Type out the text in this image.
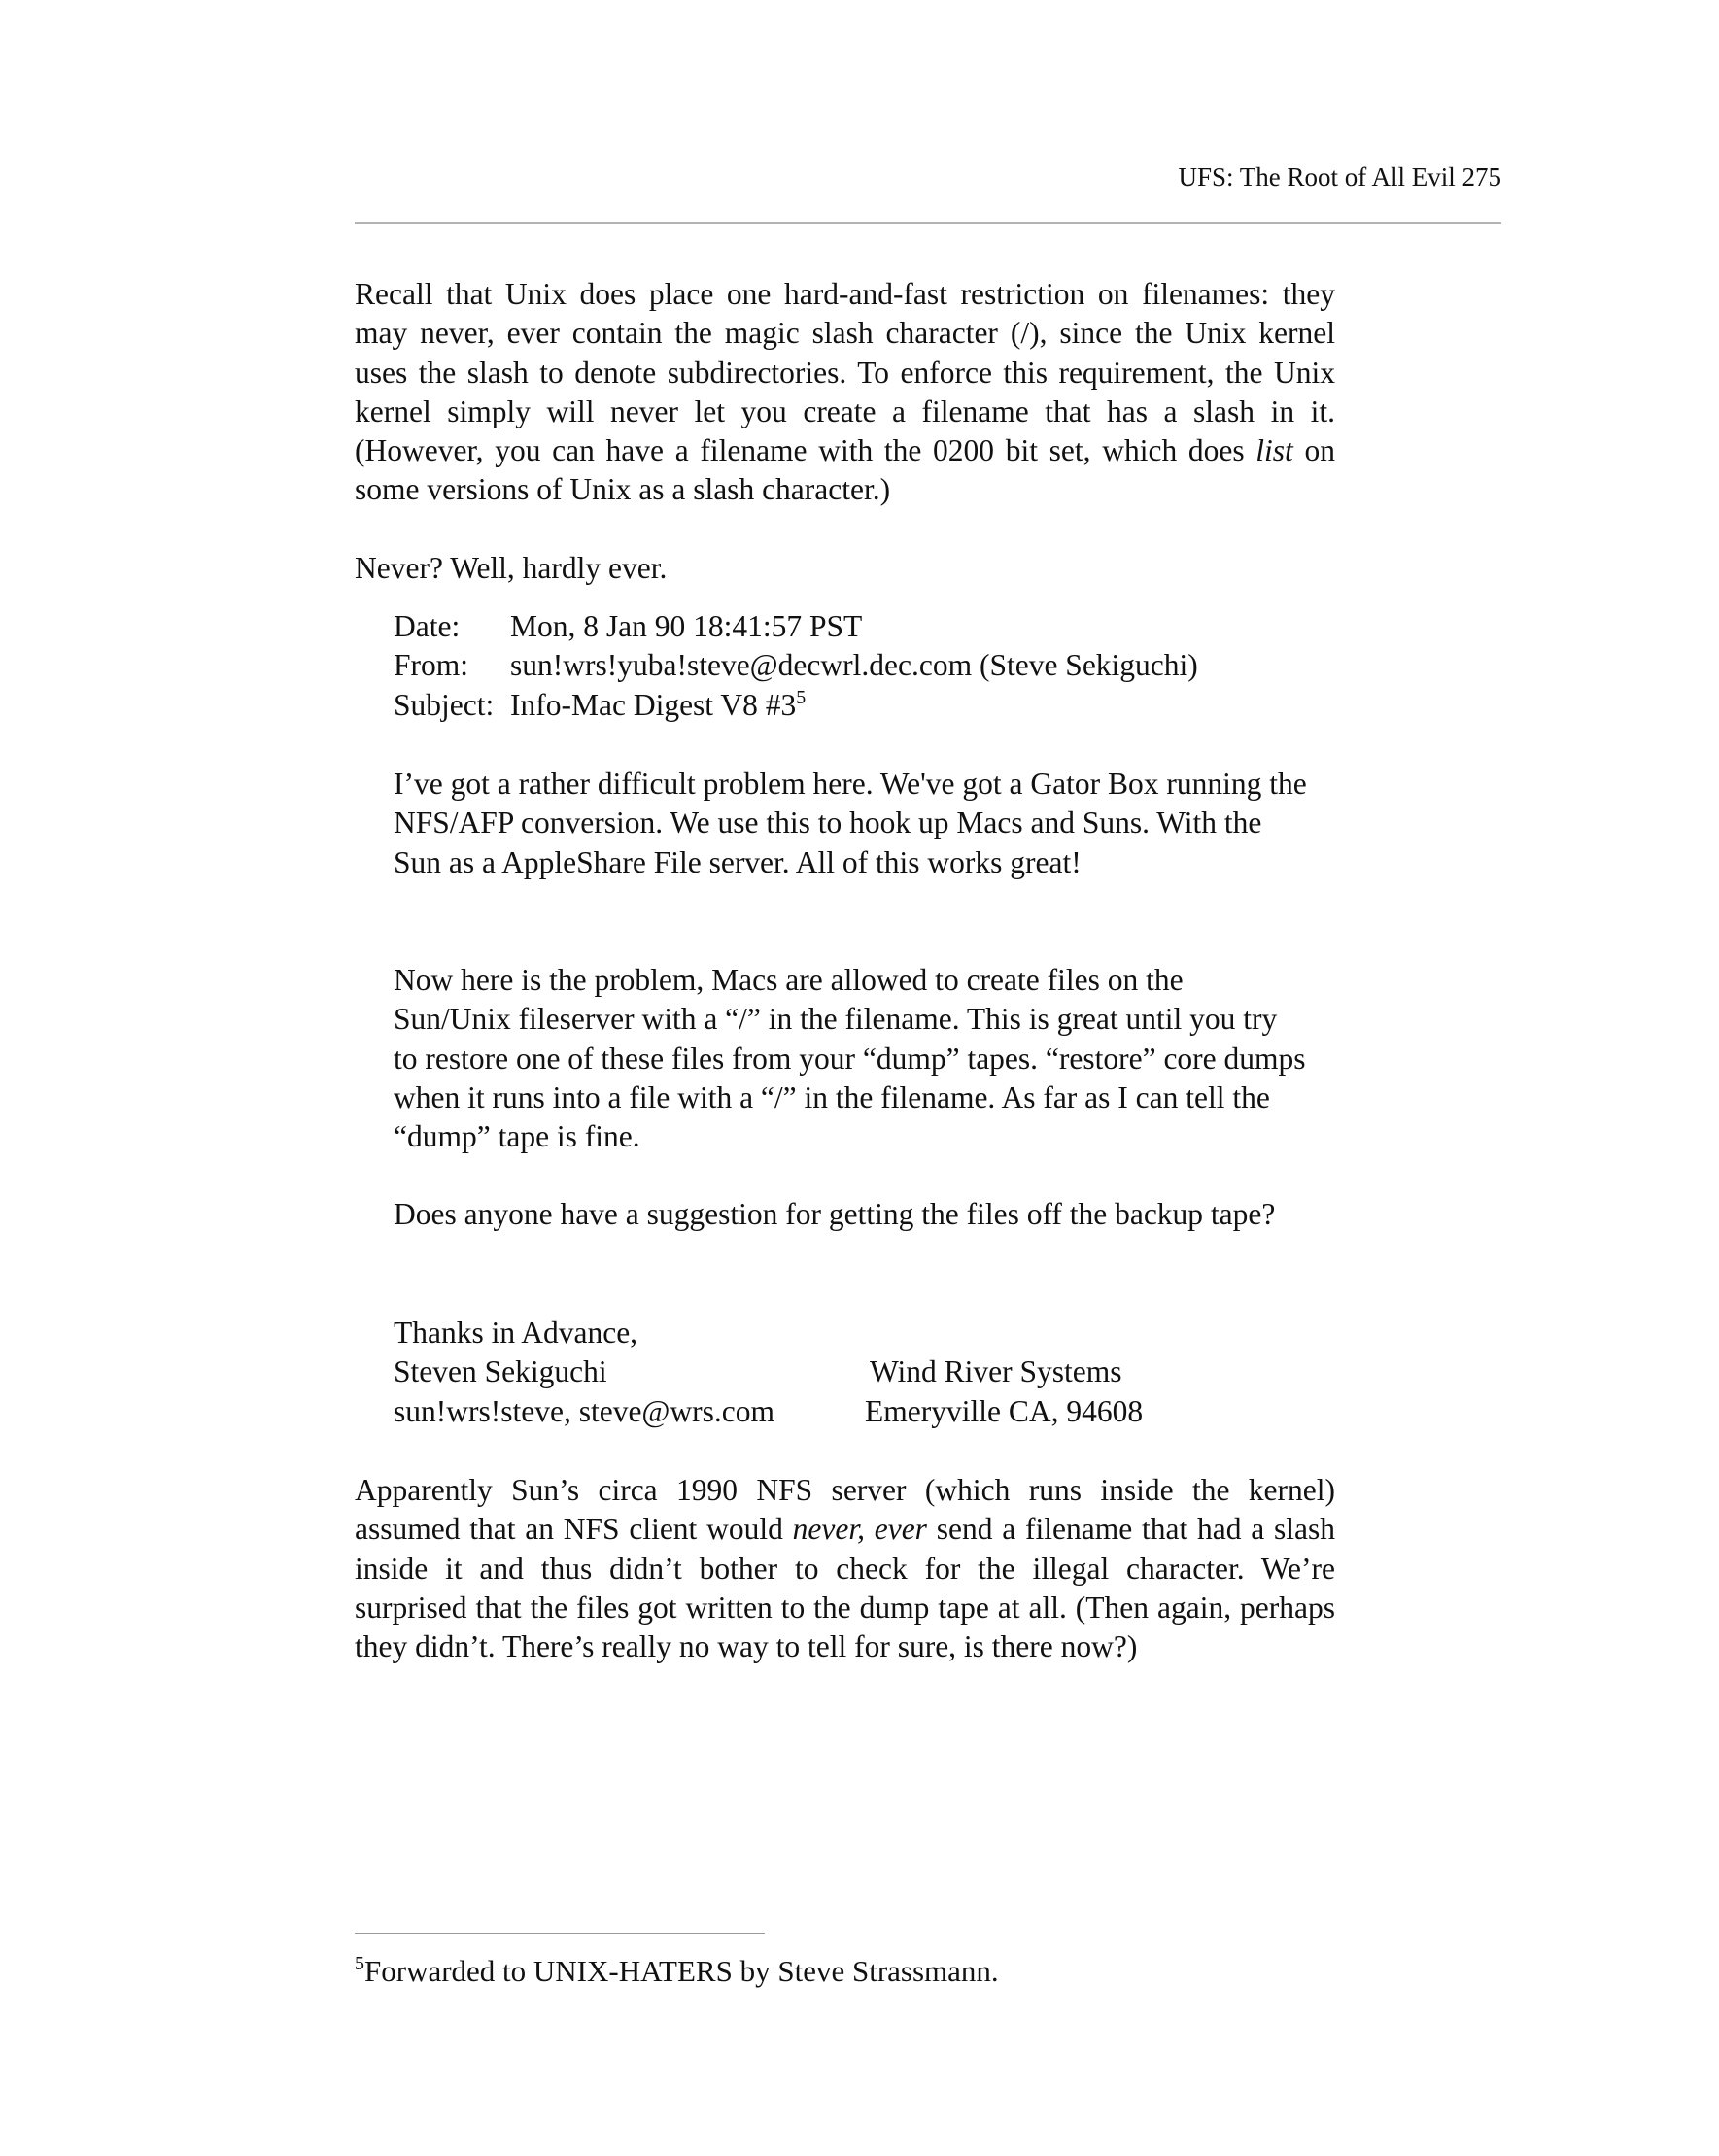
UFS: The Root of All Evil 275

Recall that Unix does place one hard-and-fast restriction on filenames: they may never, ever contain the magic slash character (/), since the Unix kernel uses the slash to denote subdirectories. To enforce this requirement, the Unix kernel simply will never let you create a filename that has a slash in it. (However, you can have a filename with the 0200 bit set, which does list on some versions of Unix as a slash character.)

Never? Well, hardly ever.

Date:	Mon, 8 Jan 90 18:41:57 PST
From:	sun!wrs!yuba!steve@decwrl.dec.com (Steve Sekiguchi)
Subject: Info-Mac Digest V8 #3$^5$

I’ve got a rather difficult problem here. We've got a Gator Box running the NFS/AFP conversion. We use this to hook up Macs and Suns. With the Sun as a AppleShare File server. All of this works great!

Now here is the problem, Macs are allowed to create files on the Sun/Unix fileserver with a “/” in the filename. This is great until you try to restore one of these files from your “dump” tapes. “restore” core dumps when it runs into a file with a “/” in the filename. As far as I can tell the “dump” tape is fine.

Does anyone have a suggestion for getting the files off the backup tape?

Thanks in Advance,
Steven Sekiguchi	Wind River Systems
sun!wrs!steve, steve@wrs.com	Emeryville CA, 94608

Apparently Sun’s circa 1990 NFS server (which runs inside the kernel) assumed that an NFS client would never, ever send a filename that had a slash inside it and thus didn’t bother to check for the illegal character. We’re surprised that the files got written to the dump tape at all. (Then again, perhaps they didn’t. There’s really no way to tell for sure, is there now?)

$^5$Forwarded to UNIX-HATERS by Steve Strassmann.
